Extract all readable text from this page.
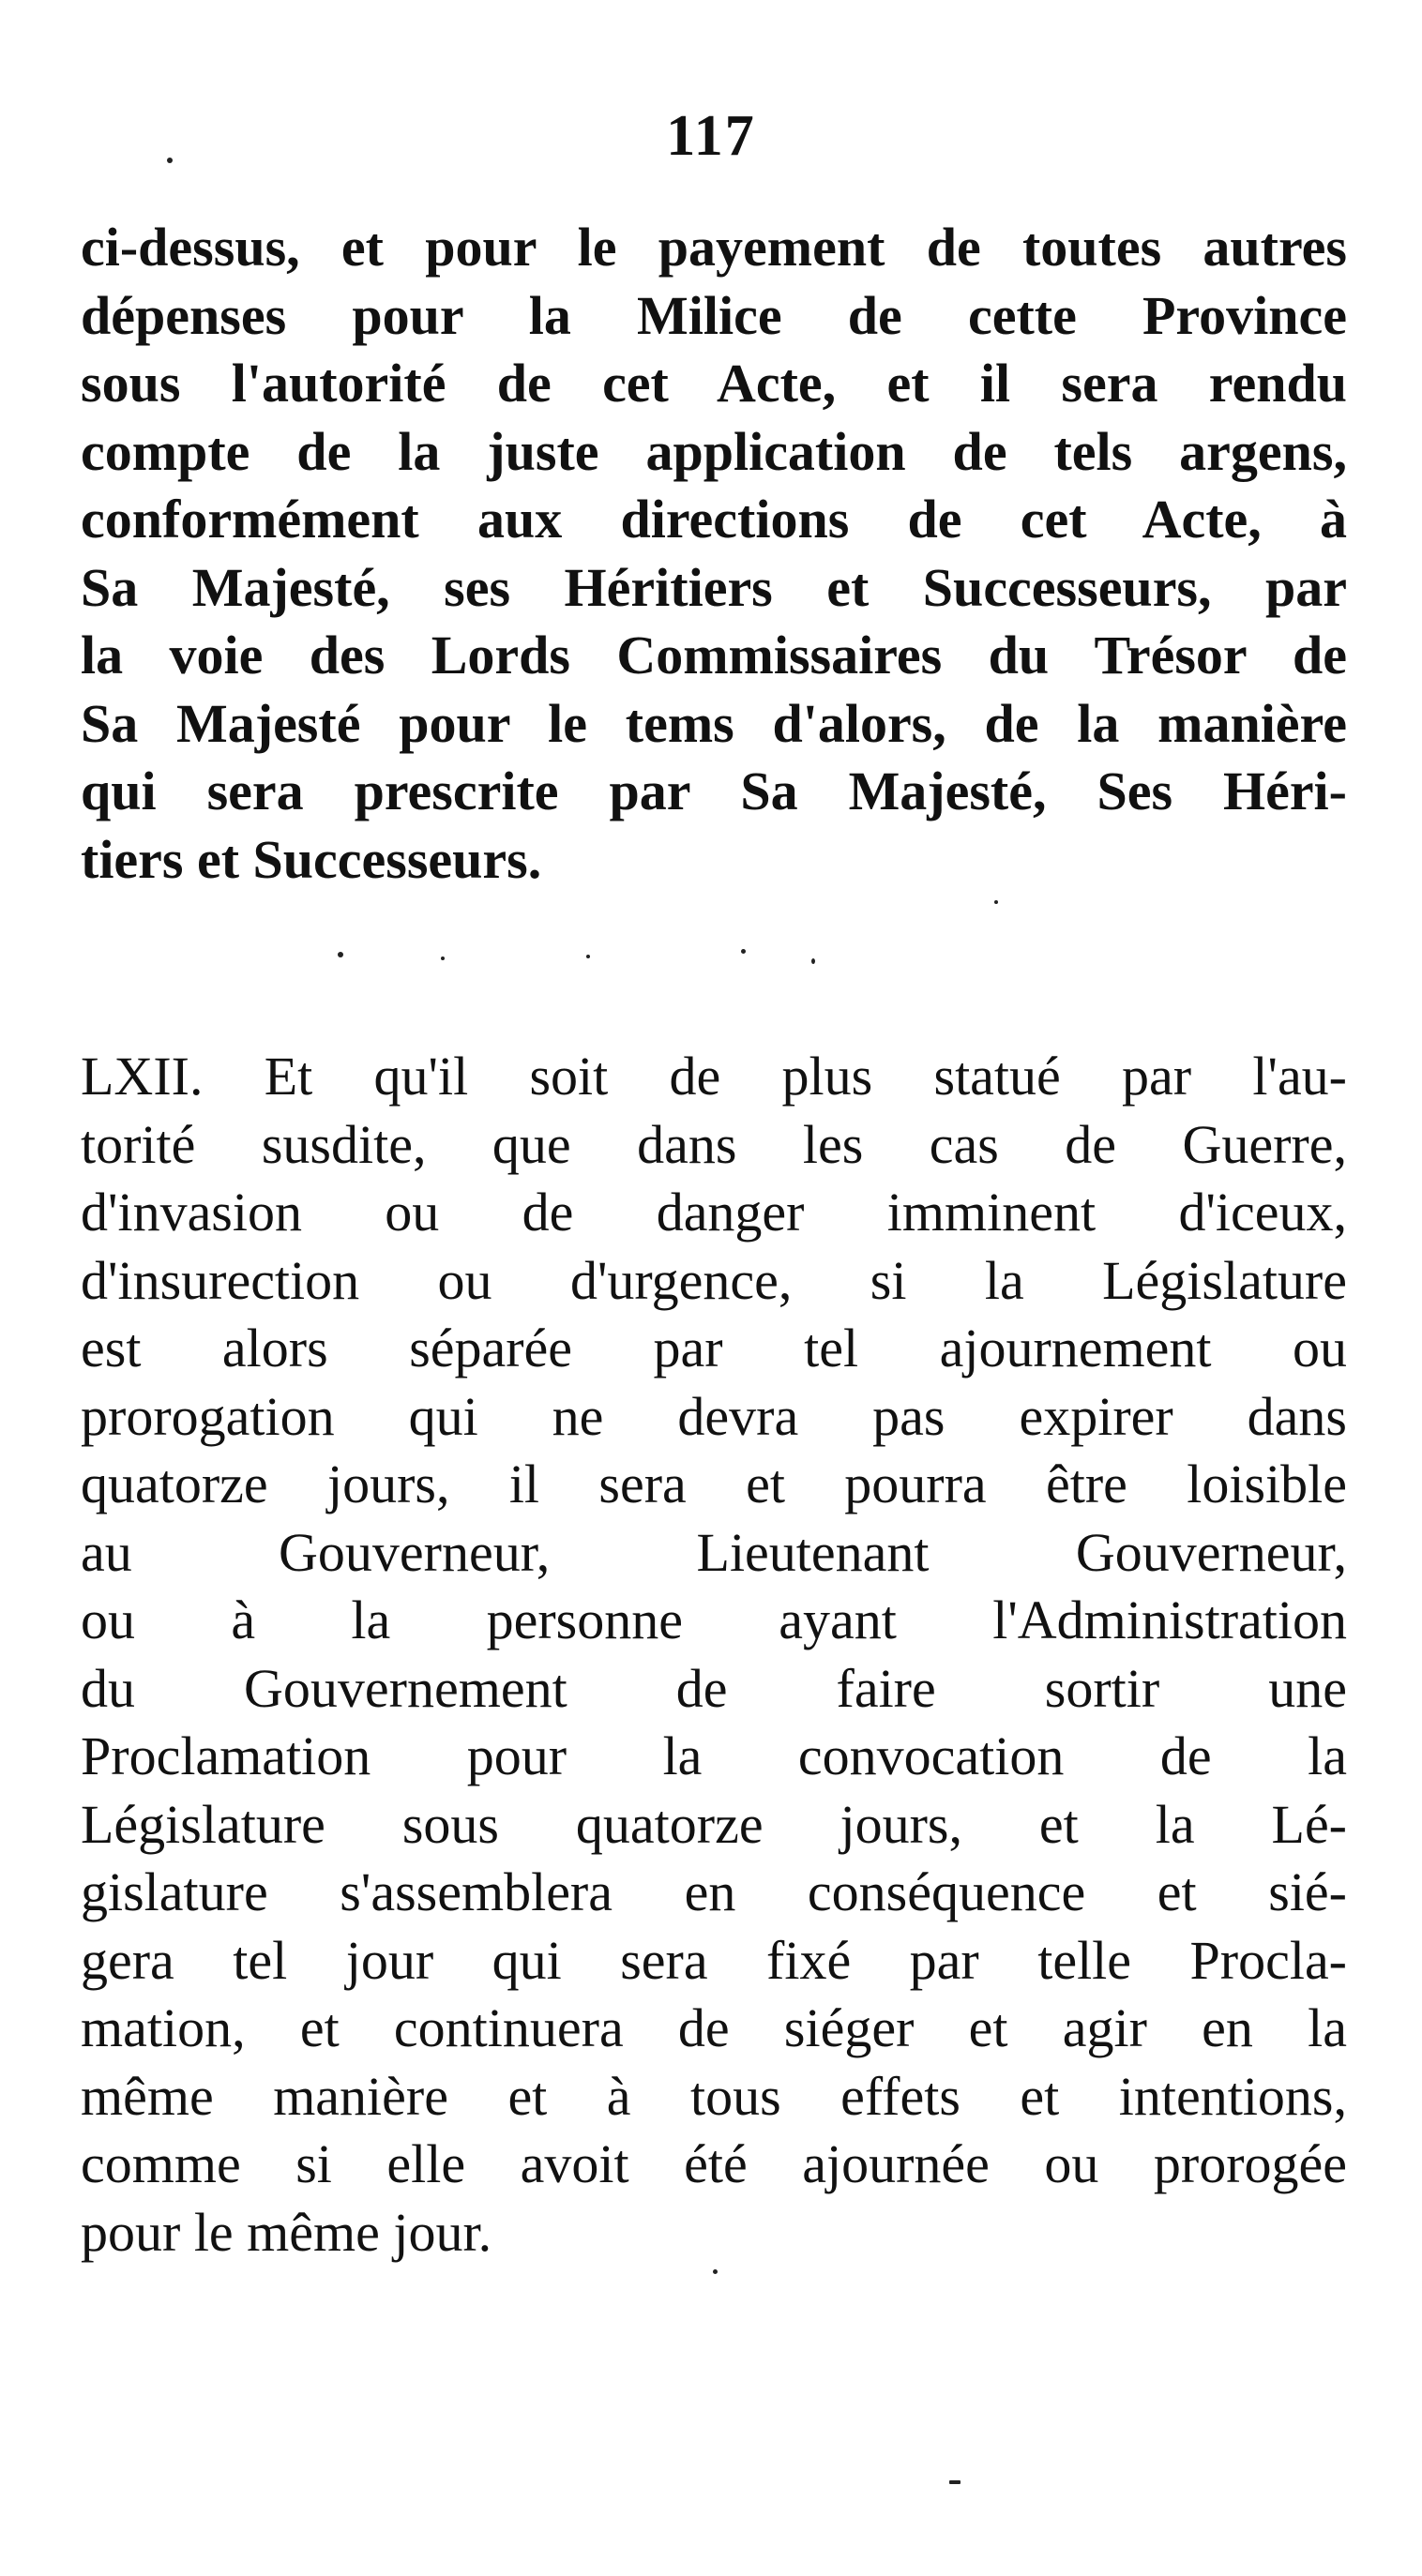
117
ci-dessus, et pour le payement de toutes autres
dépenses pour la Milice de cette Province
sous l'autorité de cet Acte, et il sera rendu
compte de la juste application de tels argens,
conformément aux directions de cet Acte, à
Sa Majesté, ses Héritiers et Successeurs, par
la voie des Lords Commissaires du Trésor de
Sa Majesté pour le tems d'alors, de la manière
qui sera prescrite par Sa Majesté, Ses Héri-
tiers et Successeurs.
LXII. Et qu'il soit de plus statué par l'au-
torité susdite, que dans les cas de Guerre,
d'invasion ou de danger imminent d'iceux,
d'insurection ou d'urgence, si la Législature
est alors séparée par tel ajournement ou
prorogation qui ne devra pas expirer dans
quatorze jours, il sera et pourra être loisible
au Gouverneur, Lieutenant Gouverneur,
ou à la personne ayant l'Administration
du Gouvernement de faire sortir une
Proclamation pour la convocation de la
Législature sous quatorze jours, et la Lé-
gislature s'assemblera en conséquence et sié-
gera tel jour qui sera fixé par telle Procla-
mation, et continuera de siéger et agir en la
même manière et à tous effets et intentions,
comme si elle avoit été ajournée ou prorogée
pour le même jour.
